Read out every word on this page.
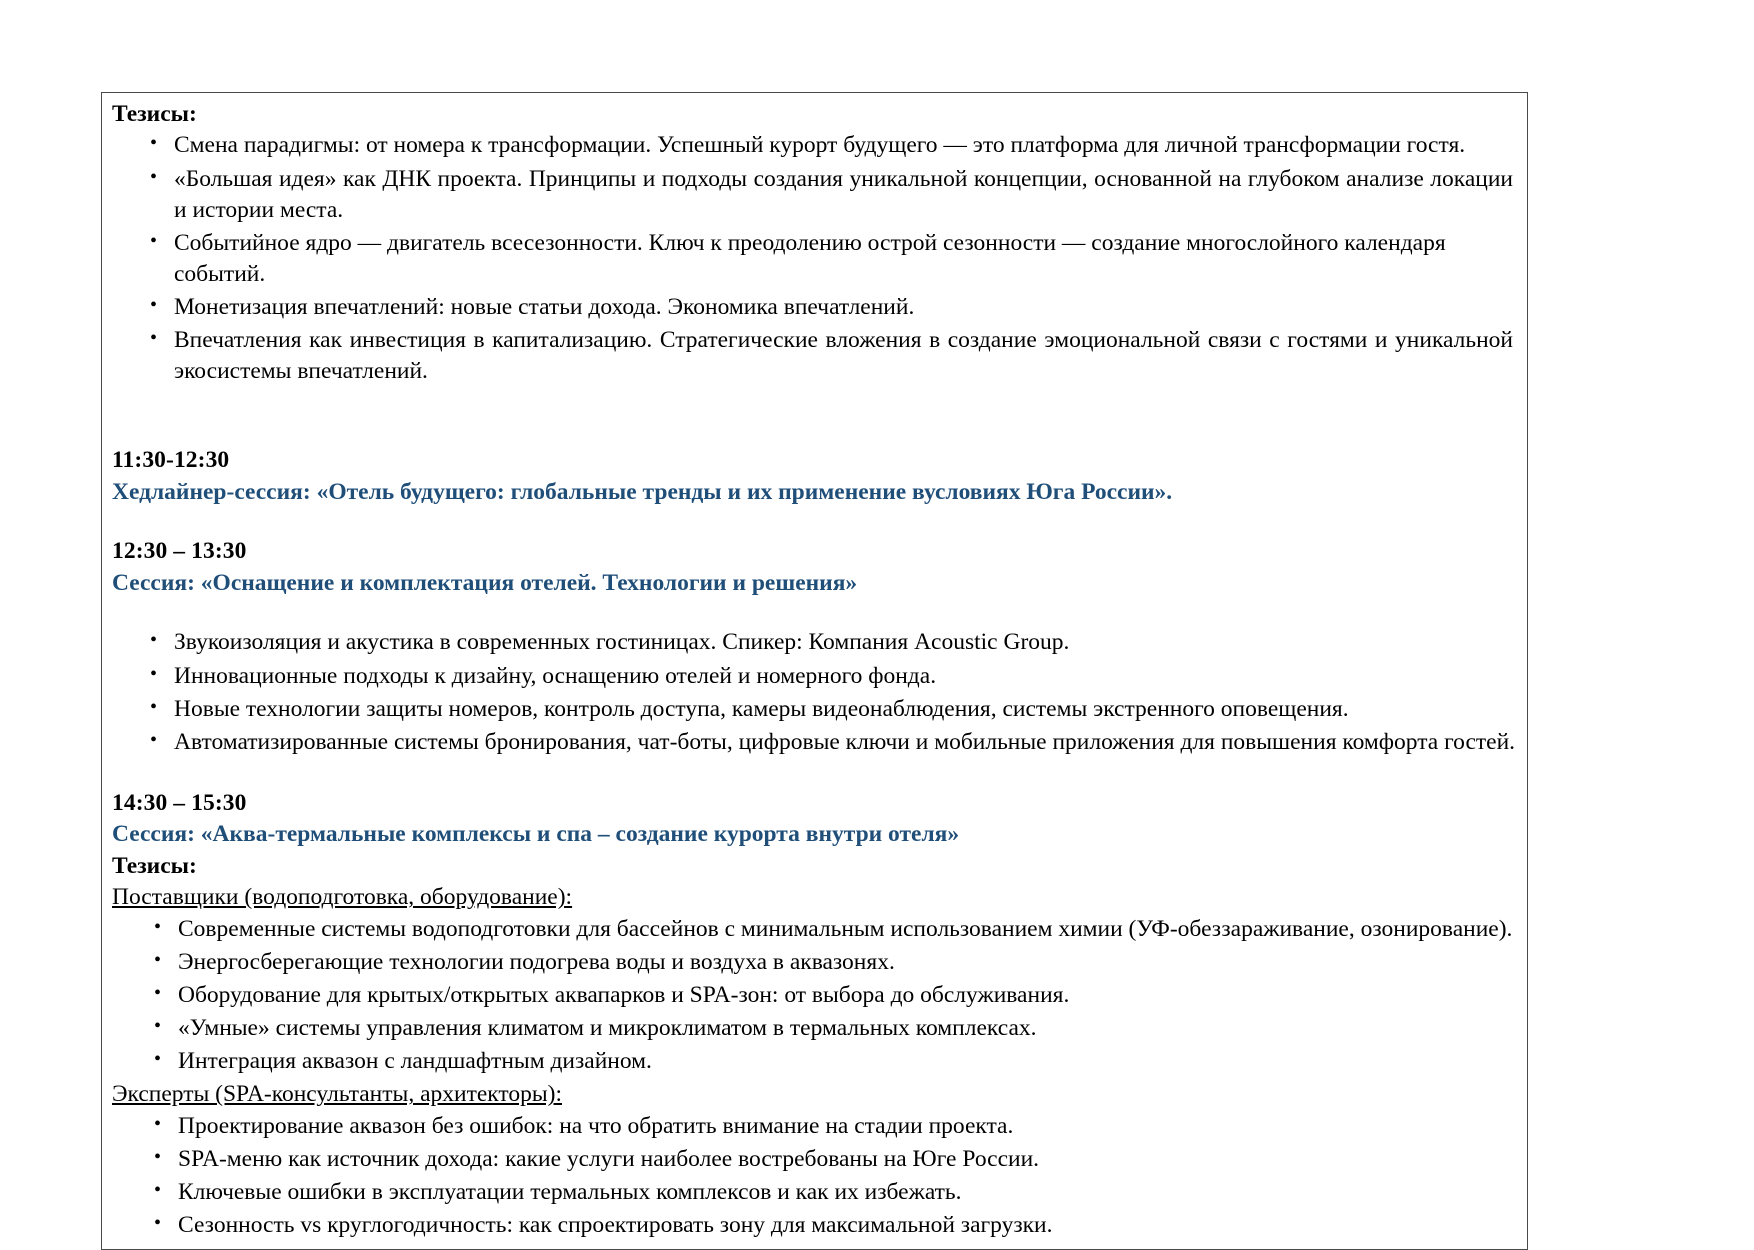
Тезисы:

• Смена парадигмы: от номера к трансформации. Успешный курорт будущего — это платформа для личной трансформации гостя.
• «Большая идея» как ДНК проекта. Принципы и подходы создания уникальной концепции, основанной на глубоком анализе локации и истории места.
• Событийное ядро — двигатель всесезонности. Ключ к преодолению острой сезонности — создание многослойного календаря событий.
• Монетизация впечатлений: новые статьи дохода. Экономика впечатлений.
• Впечатления как инвестиция в капитализацию. Стратегические вложения в создание эмоциональной связи с гостями и уникальной экосистемы впечатлений.

11:30-12:30

Хедлайнер-сессия: «Отель будущего: глобальные тренды и их применение вусловиях Юга России».

12:30 – 13:30

Сессия: «Оснащение и комплектация отелей. Технологии и решения»

• Звукоизоляция и акустика в современных гостиницах. Спикер: Компания Acoustic Group.
• Инновационные подходы к дизайну, оснащению отелей и номерного фонда.
• Новые технологии защиты номеров, контроль доступа, камеры видеонаблюдения, системы экстренного оповещения.
• Автоматизированные системы бронирования, чат-боты, цифровые ключи и мобильные приложения для повышения комфорта гостей.

14:30 – 15:30

Сессия: «Аква-термальные комплексы и спа – создание курорта внутри отеля»

Тезисы:

Поставщики (водоподготовка, оборудование):

• Современные системы водоподготовки для бассейнов с минимальным использованием химии (УФ-обеззараживание, озонирование).
• Энергосберегающие технологии подогрева воды и воздуха в аквазонях.
• Оборудование для крытых/открытых аквапарков и SPA-зон: от выбора до обслуживания.
• «Умные» системы управления климатом и микроклиматом в термальных комплексах.
• Интеграция аквазон с ландшафтным дизайном.

Эксперты (SPA-консультанты, архитекторы):

• Проектирование аквазон без ошибок: на что обратить внимание на стадии проекта.
• SPA-меню как источник дохода: какие услуги наиболее востребованы на Юге России.
• Ключевые ошибки в эксплуатации термальных комплексов и как их избежать.
• Сезонность vs круглогодичность: как спроектировать зону для максимальной загрузки.
